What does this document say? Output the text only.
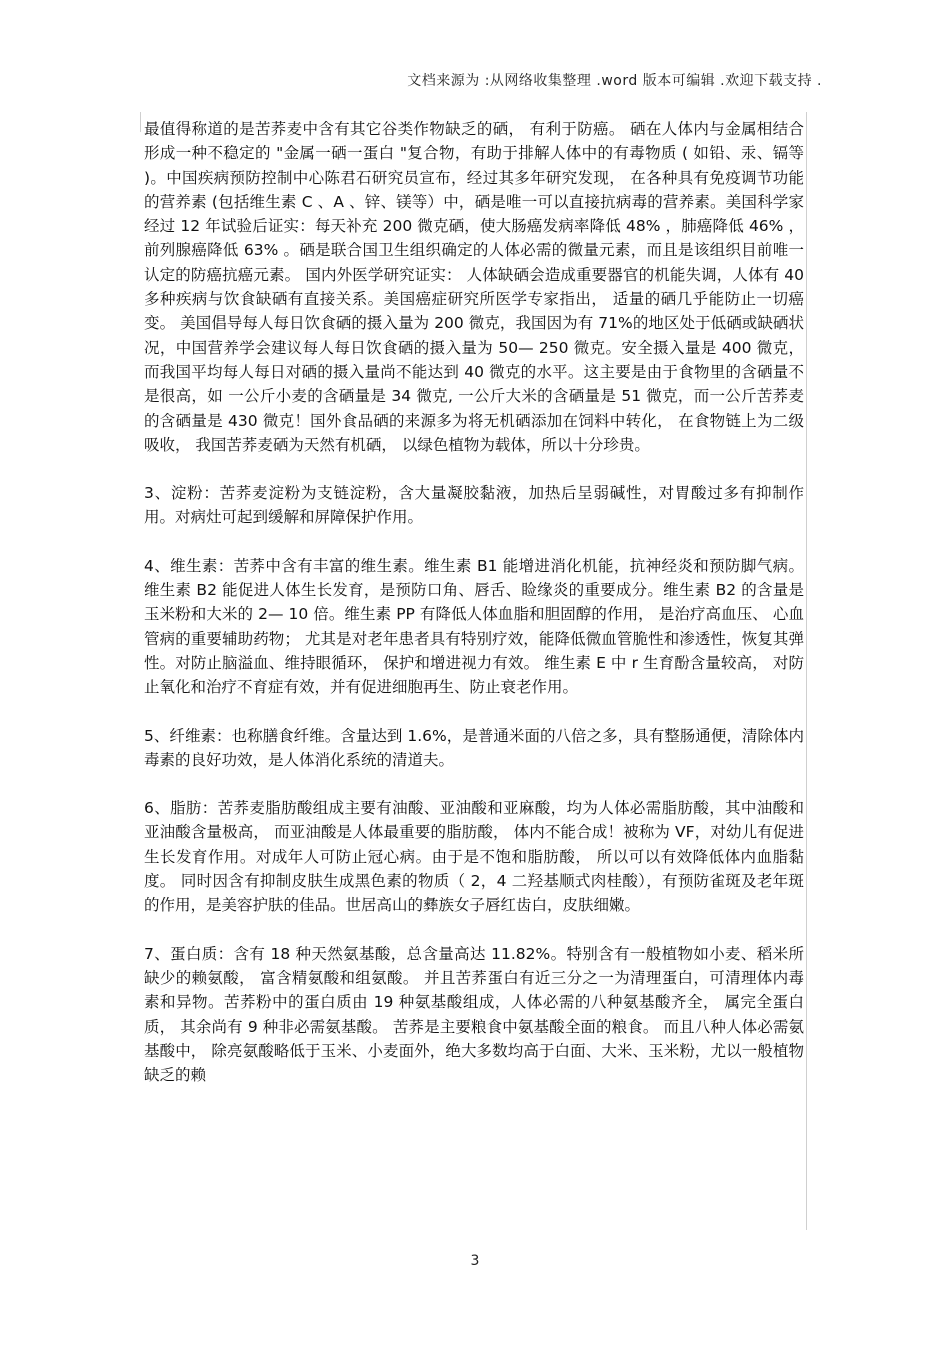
文档来源为 :从网络收集整理 .word 版本可编辑 .欢迎下载支持 .

最值得称道的是苦荞麦中含有其它谷类作物缺乏的硒， 有利于防癌。 硒在人体内与金属相结合形成一种不稳定的 "金属一硒一蛋白 "复合物，有助于排解人体中的有毒物质 ( 如铅、汞、镉等 )。中国疾病预防控制中心陈君石研究员宣布，经过其多年研究发现， 在各种具有免疫调节功能的营养素 (包括维生素 C 、A 、锌、镁等）中，硒是唯一可以直接抗病毒的营养素。美国科学家经过 12 年试验后证实：每天补充 200 微克硒，使大肠癌发病率降低 48% ，肺癌降低 46% ，前列腺癌降低 63% 。硒是联合国卫生组织确定的人体必需的微量元素，而且是该组织目前唯一认定的防癌抗癌元素。 国内外医学研究证实： 人体缺硒会造成重要器官的机能失调，人体有 40 多种疾病与饮食缺硒有直接关系。美国癌症研究所医学专家指出， 适量的硒几乎能防止一切癌变。 美国倡导每人每日饮食硒的摄入量为 200 微克，我国因为有 71%的地区处于低硒或缺硒状况，中国营养学会建议每人每日饮食硒的摄入量为 50— 250 微克。安全摄入量是 400 微克，而我国平均每人每日对硒的摄入量尚不能达到 40 微克的水平。这主要是由于食物里的含硒量不是很高，如 一公斤小麦的含硒量是 34 微克, 一公斤大米的含硒量是 51 微克，而一公斤苦荞麦的含硒量是 430 微克！国外食品硒的来源多为将无机硒添加在饲料中转化， 在食物链上为二级吸收， 我国苦荞麦硒为天然有机硒， 以绿色植物为载体，所以十分珍贵。

3、淀粉：苦荞麦淀粉为支链淀粉，含大量凝胶黏液，加热后呈弱碱性，对胃酸过多有抑制作用。对病灶可起到缓解和屏障保护作用。

4、维生素：苦荞中含有丰富的维生素。维生素 B1 能增进消化机能，抗神经炎和预防脚气病。维生素 B2 能促进人体生长发育，是预防口角、唇舌、睑缘炎的重要成分。维生素 B2 的含量是玉米粉和大米的 2— 10 倍。维生素 PP 有降低人体血脂和胆固醇的作用， 是治疗高血压、 心血管病的重要辅助药物； 尤其是对老年患者具有特别疗效，能降低微血管脆性和渗透性，恢复其弹性。对防止脑溢血、维持眼循环， 保护和增进视力有效。 维生素 E 中 r 生育酚含量较高， 对防止氧化和治疗不育症有效，并有促进细胞再生、防止衰老作用。

5、纤维素：也称膳食纤维。含量达到 1.6%，是普通米面的八倍之多，具有整肠通便，清除体内毒素的良好功效，是人体消化系统的清道夫。

6、脂肪：苦荞麦脂肪酸组成主要有油酸、亚油酸和亚麻酸，均为人体必需脂肪酸，其中油酸和亚油酸含量极高， 而亚油酸是人体最重要的脂肪酸， 体内不能合成！被称为 VF，对幼儿有促进生长发育作用。对成年人可防止冠心病。由于是不饱和脂肪酸， 所以可以有效降低体内血脂黏度。 同时因含有抑制皮肤生成黑色素的物质（ 2，4 二羟基顺式肉桂酸），有预防雀斑及老年斑的作用，是美容护肤的佳品。世居高山的彝族女子唇红齿白，皮肤细嫩。

7、蛋白质：含有 18 种天然氨基酸，总含量高达 11.82%。特别含有一般植物如小麦、稻米所缺少的赖氨酸， 富含精氨酸和组氨酸。 并且苦荞蛋白有近三分之一为清理蛋白，可清理体内毒素和异物。苦荞粉中的蛋白质由 19 种氨基酸组成，人体必需的八种氨基酸齐全， 属完全蛋白质， 其余尚有 9 种非必需氨基酸。 苦荞是主要粮食中氨基酸全面的粮食。 而且八种人体必需氨基酸中， 除亮氨酸略低于玉米、小麦面外，绝大多数均高于白面、大米、玉米粉，尤以一般植物缺乏的赖

3
